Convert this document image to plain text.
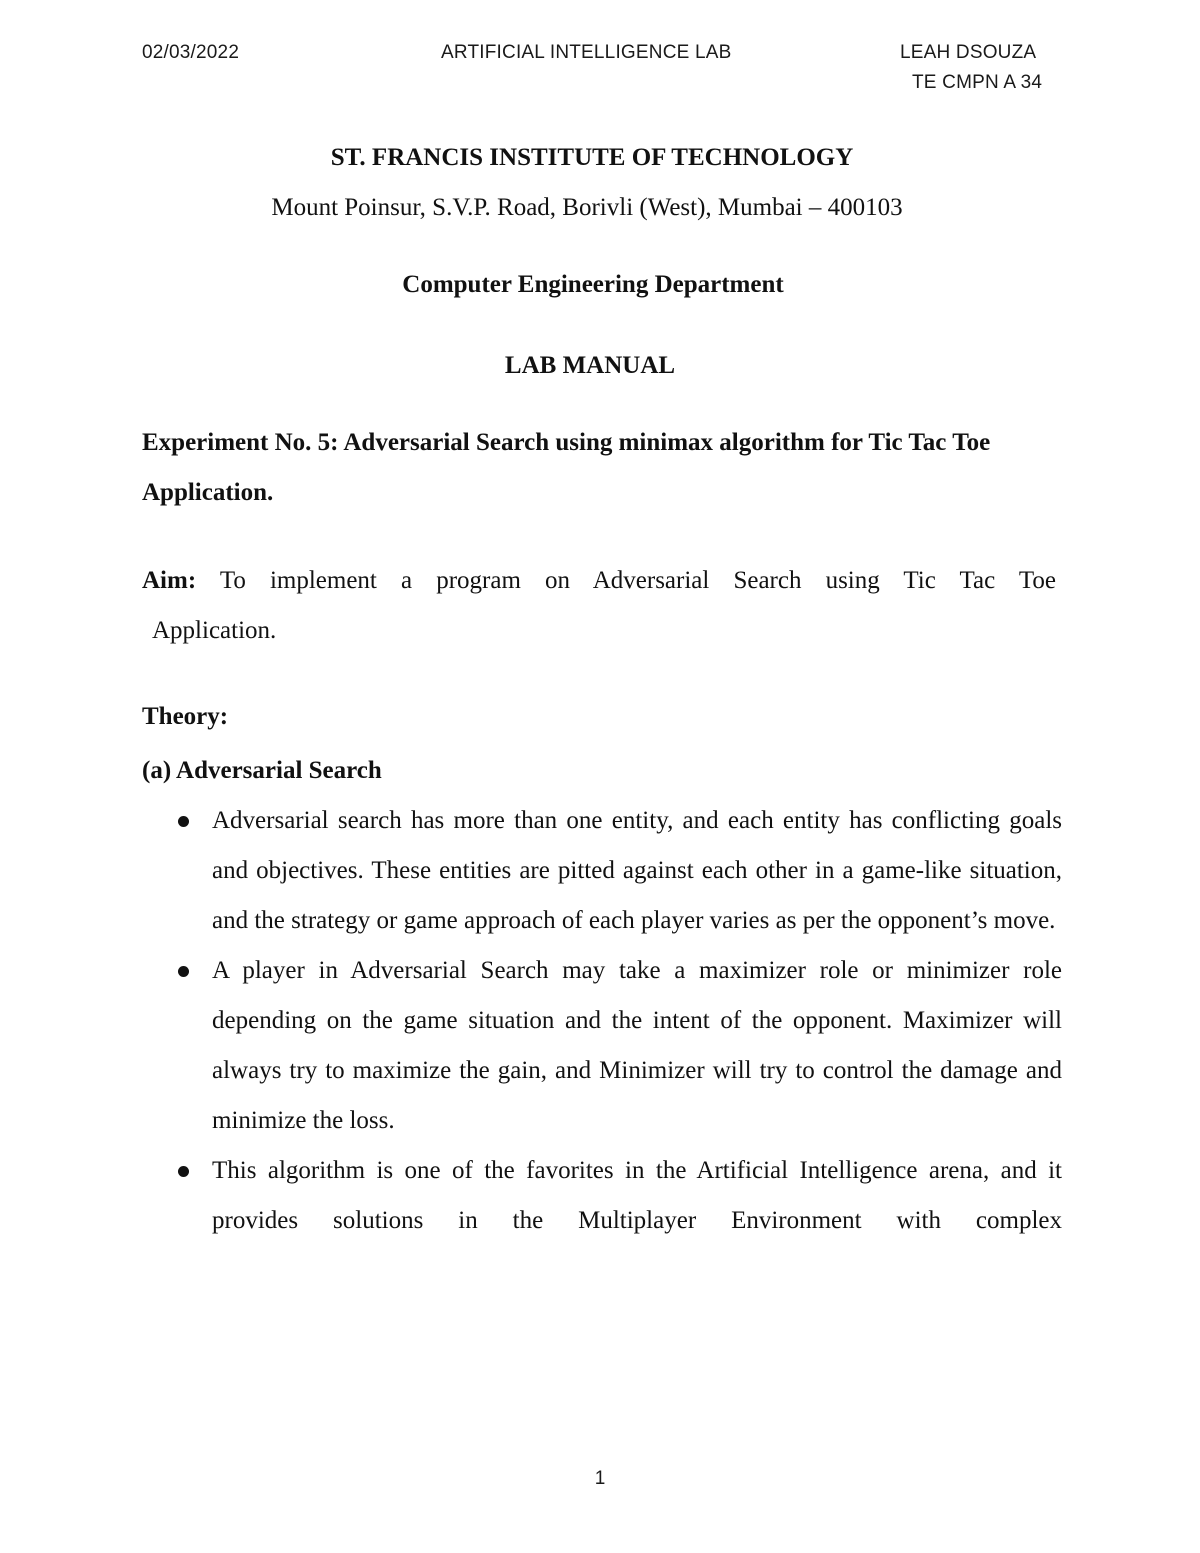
02/03/2022	ARTIFICIAL INTELLIGENCE LAB	LEAH DSOUZA
TE CMPN A 34
ST. FRANCIS INSTITUTE OF TECHNOLOGY
Mount Poinsur, S.V.P. Road, Borivli (West), Mumbai – 400103
Computer Engineering Department
LAB MANUAL
Experiment No. 5: Adversarial Search using minimax algorithm for Tic Tac Toe Application.
Aim: To implement a program on Adversarial Search using Tic Tac Toe
Application.
Theory:
(a) Adversarial Search
Adversarial search has more than one entity, and each entity has conflicting goals and objectives. These entities are pitted against each other in a game-like situation, and the strategy or game approach of each player varies as per the opponent’s move.
A player in Adversarial Search may take a maximizer role or minimizer role depending on the game situation and the intent of the opponent. Maximizer will always try to maximize the gain, and Minimizer will try to control the damage and minimize the loss.
This algorithm is one of the favorites in the Artificial Intelligence arena, and it provides solutions in the Multiplayer Environment with complex
1
